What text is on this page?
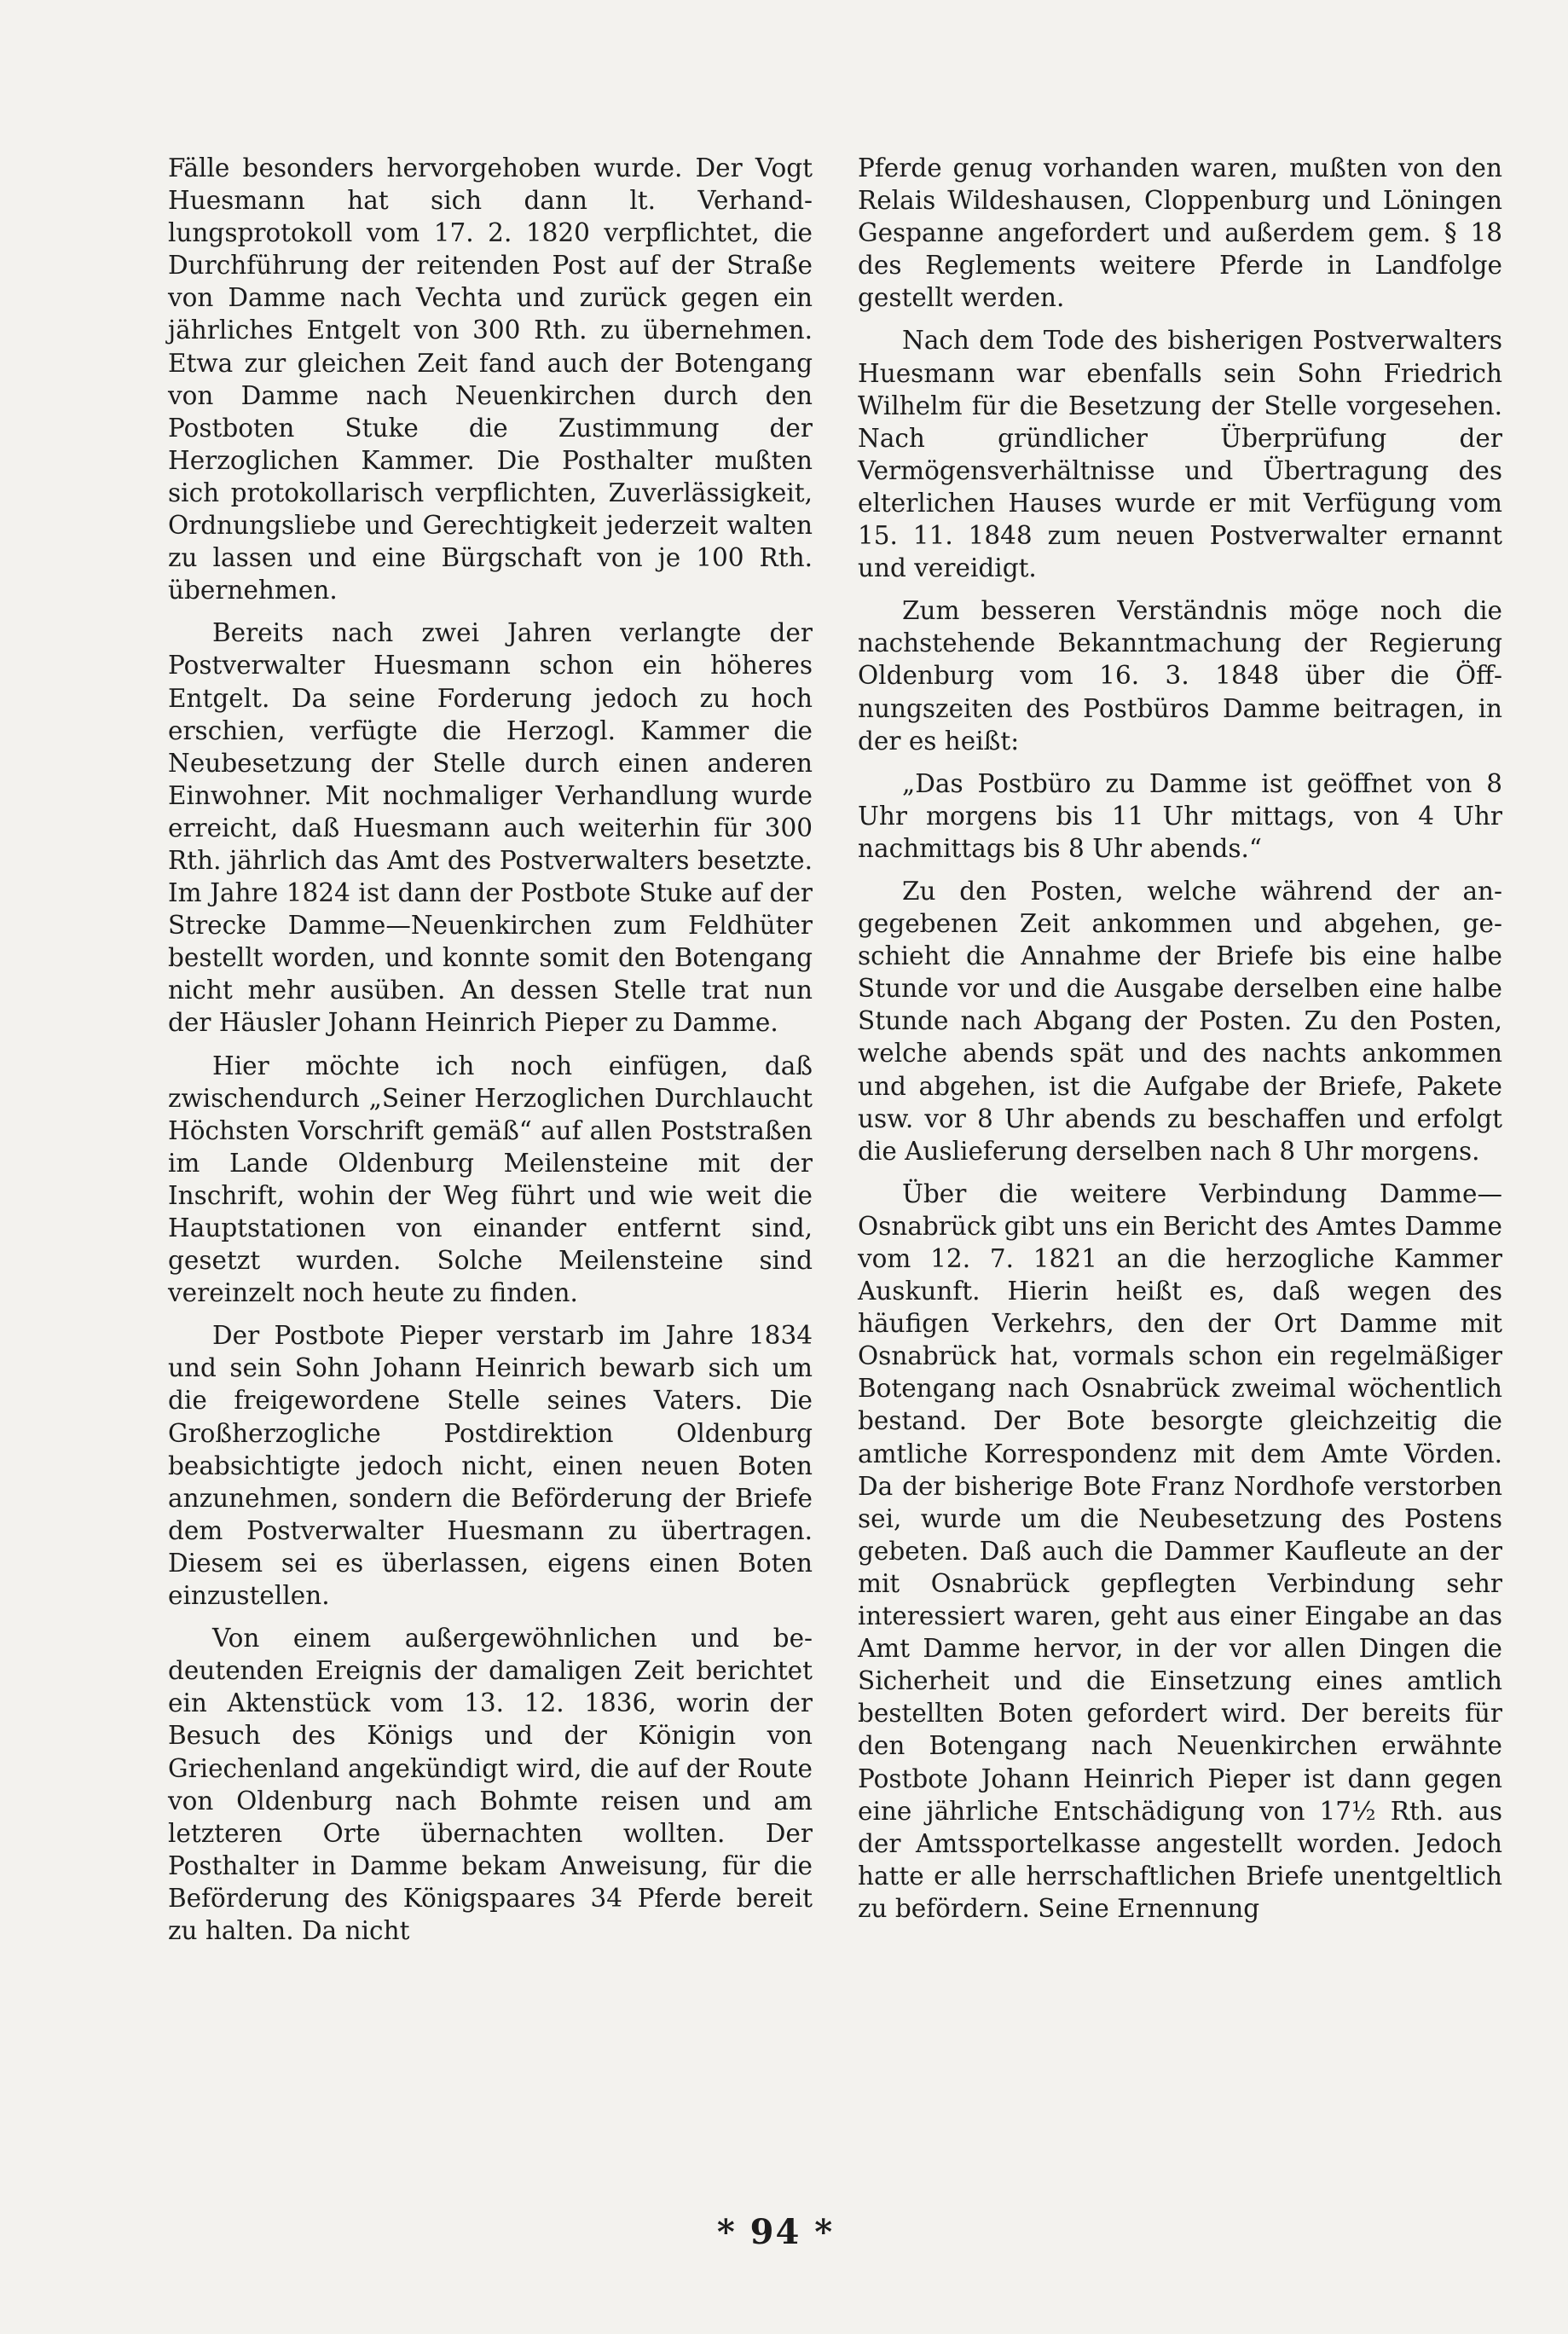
Fälle besonders hervorgehoben wurde. Der Vogt Huesmann hat sich dann lt. Verhandlungsprotokoll vom 17. 2. 1820 verpflichtet, die Durchführung der reitenden Post auf der Straße von Damme nach Vechta und zurück gegen ein jährliches Entgelt von 300 Rth. zu übernehmen. Etwa zur gleichen Zeit fand auch der Botengang von Damme nach Neuenkirchen durch den Postboten Stuke die Zustimmung der Herzoglichen Kammer. Die Posthalter mußten sich protokollarisch verpflichten, Zuverlässigkeit, Ordnungsliebe und Gerechtigkeit jederzeit walten zu lassen und eine Bürgschaft von je 100 Rth. übernehmen.

Bereits nach zwei Jahren verlangte der Postverwalter Huesmann schon ein höheres Entgelt. Da seine Forderung jedoch zu hoch erschien, verfügte die Herzogl. Kammer die Neubesetzung der Stelle durch einen anderen Einwohner. Mit nochmaliger Verhandlung wurde erreicht, daß Huesmann auch weiterhin für 300 Rth. jährlich das Amt des Postverwalters besetzte. Im Jahre 1824 ist dann der Postbote Stuke auf der Strecke Damme—Neuenkirchen zum Feldhüter bestellt worden, und konnte somit den Botengang nicht mehr ausüben. An dessen Stelle trat nun der Häusler Johann Heinrich Pieper zu Damme.

Hier möchte ich noch einfügen, daß zwischendurch „Seiner Herzoglichen Durchlaucht Höchsten Vorschrift gemäß“ auf allen Poststraßen im Lande Oldenburg Meilensteine mit der Inschrift, wohin der Weg führt und wie weit die Hauptstationen von einander entfernt sind, gesetzt wurden. Solche Meilensteine sind vereinzelt noch heute zu finden.

Der Postbote Pieper verstarb im Jahre 1834 und sein Sohn Johann Heinrich bewarb sich um die freigewordene Stelle seines Vaters. Die Großherzogliche Postdirektion Oldenburg beabsichtigte jedoch nicht, einen neuen Boten anzunehmen, sondern die Beförderung der Briefe dem Postverwalter Huesmann zu übertragen. Diesem sei es überlassen, eigens einen Boten einzustellen.

Von einem außergewöhnlichen und bedeutenden Ereignis der damaligen Zeit berichtet ein Aktenstück vom 13. 12. 1836, worin der Besuch des Königs und der Königin von Griechenland angekündigt wird, die auf der Route von Oldenburg nach Bohmte reisen und am letzteren Orte übernachten wollten. Der Posthalter in Damme bekam Anweisung, für die Beförderung des Königspaares 34 Pferde bereit zu halten. Da nicht

Pferde genug vorhanden waren, mußten von den Relais Wildeshausen, Cloppenburg und Löningen Gespanne angefordert und außerdem gem. § 18 des Reglements weitere Pferde in Landfolge gestellt werden.

Nach dem Tode des bisherigen Postverwalters Huesmann war ebenfalls sein Sohn Friedrich Wilhelm für die Besetzung der Stelle vorgesehen. Nach gründlicher Überprüfung der Vermögensverhältnisse und Übertragung des elterlichen Hauses wurde er mit Verfügung vom 15. 11. 1848 zum neuen Postverwalter ernannt und vereidigt.

Zum besseren Verständnis möge noch die nachstehende Bekanntmachung der Regierung Oldenburg vom 16. 3. 1848 über die Öffnungszeiten des Postbüros Damme beitragen, in der es heißt:

„Das Postbüro zu Damme ist geöffnet von 8 Uhr morgens bis 11 Uhr mittags, von 4 Uhr nachmittags bis 8 Uhr abends.“

Zu den Posten, welche während der angegebenen Zeit ankommen und abgehen, geschieht die Annahme der Briefe bis eine halbe Stunde vor und die Ausgabe derselben eine halbe Stunde nach Abgang der Posten. Zu den Posten, welche abends spät und des nachts ankommen und abgehen, ist die Aufgabe der Briefe, Pakete usw. vor 8 Uhr abends zu beschaffen und erfolgt die Auslieferung derselben nach 8 Uhr morgens.

Über die weitere Verbindung Damme— Osnabrück gibt uns ein Bericht des Amtes Damme vom 12. 7. 1821 an die herzogliche Kammer Auskunft. Hierin heißt es, daß wegen des häufigen Verkehrs, den der Ort Damme mit Osnabrück hat, vormals schon ein regelmäßiger Botengang nach Osnabrück zweimal wöchentlich bestand. Der Bote besorgte gleichzeitig die amtliche Korrespondenz mit dem Amte Vörden. Da der bisherige Bote Franz Nordhofe verstorben sei, wurde um die Neubesetzung des Postens gebeten. Daß auch die Dammer Kaufleute an der mit Osnabrück gepflegten Verbindung sehr interessiert waren, geht aus einer Eingabe an das Amt Damme hervor, in der vor allen Dingen die Sicherheit und die Einsetzung eines amtlich bestellten Boten gefordert wird. Der bereits für den Botengang nach Neuenkirchen erwähnte Postbote Johann Heinrich Pieper ist dann gegen eine jährliche Entschädigung von 17½ Rth. aus der Amtssportelkasse angestellt worden. Jedoch hatte er alle herrschaftlichen Briefe unentgeltlich zu befördern. Seine Ernennung

* 94 *
